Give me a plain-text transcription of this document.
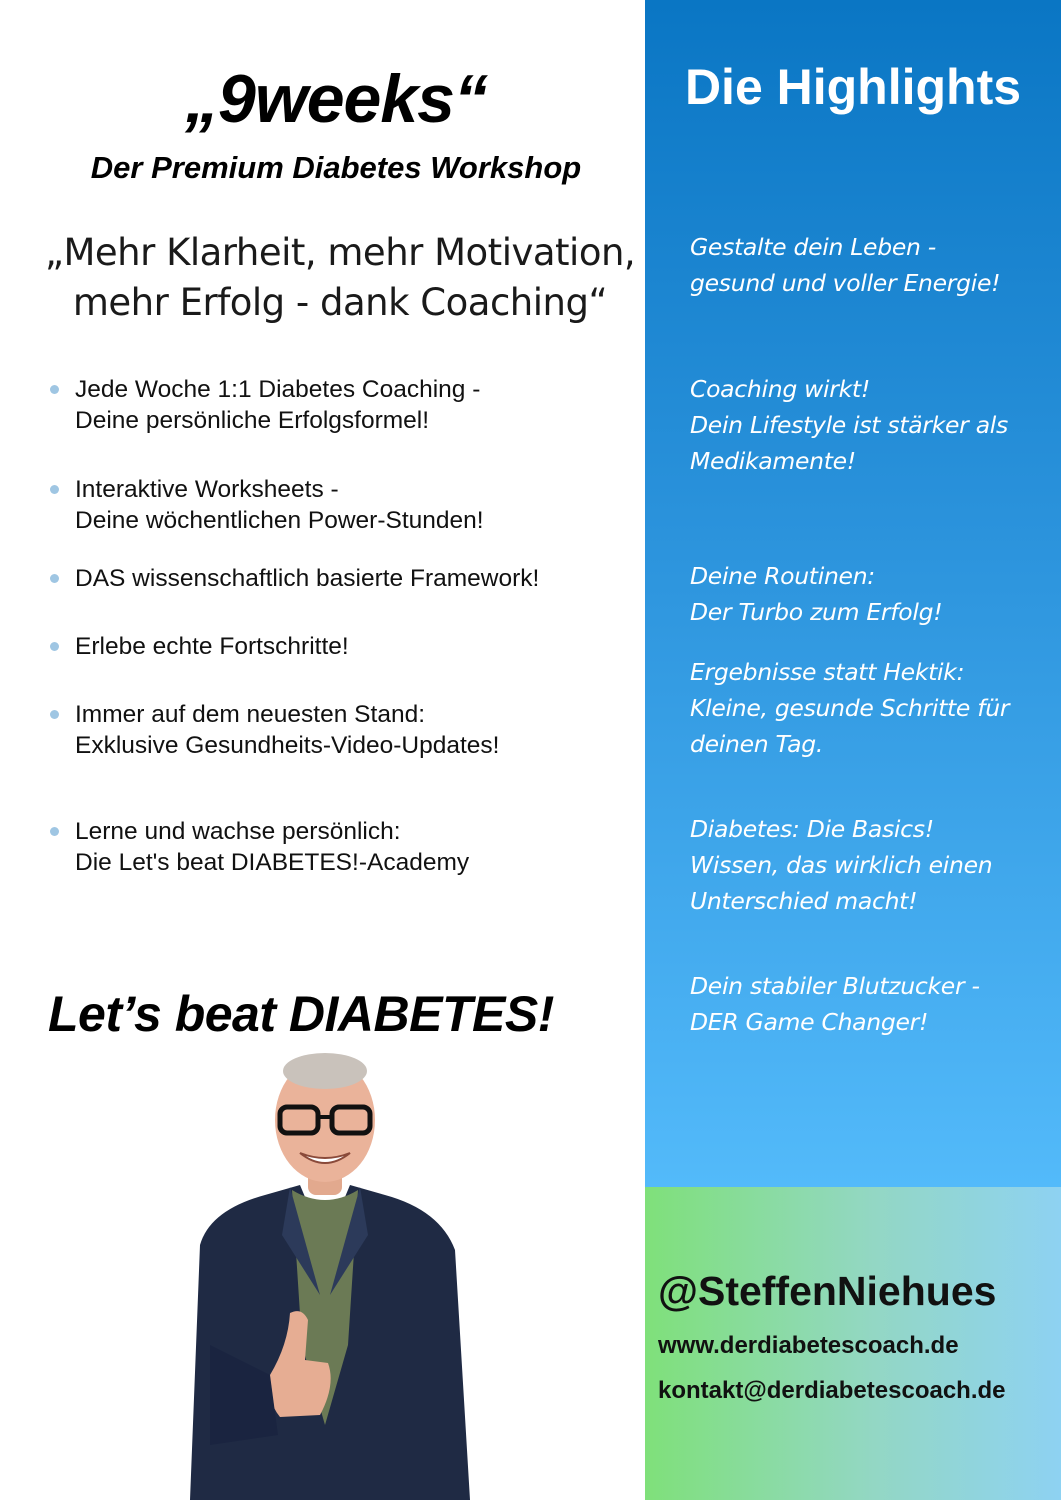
„9weeks“
Der Premium Diabetes Workshop
„Mehr Klarheit, mehr Motivation,
mehr Erfolg - dank Coaching“
Jede Woche 1:1 Diabetes Coaching -
Deine persönliche Erfolgsformel!
Interaktive Worksheets -
Deine wöchentlichen Power-Stunden!
DAS wissenschaftlich basierte Framework!
Erlebe echte Fortschritte!
Immer auf dem neuesten Stand:
Exklusive Gesundheits-Video-Updates!
Lerne und wachse persönlich:
Die Let's beat DIABETES!-Academy
Let’s beat DIABETES!
Die Highlights
Gestalte dein Leben -
gesund und voller Energie!
Coaching wirkt!
Dein Lifestyle ist stärker als
Medikamente!
Deine Routinen:
Der Turbo zum Erfolg!
Ergebnisse statt Hektik:
Kleine, gesunde Schritte für
deinen Tag.
Diabetes: Die Basics!
Wissen, das wirklich einen
Unterschied macht!
Dein stabiler Blutzucker -
DER Game Changer!
@SteffenNiehues
www.derdiabetescoach.de
kontakt@derdiabetescoach.de
